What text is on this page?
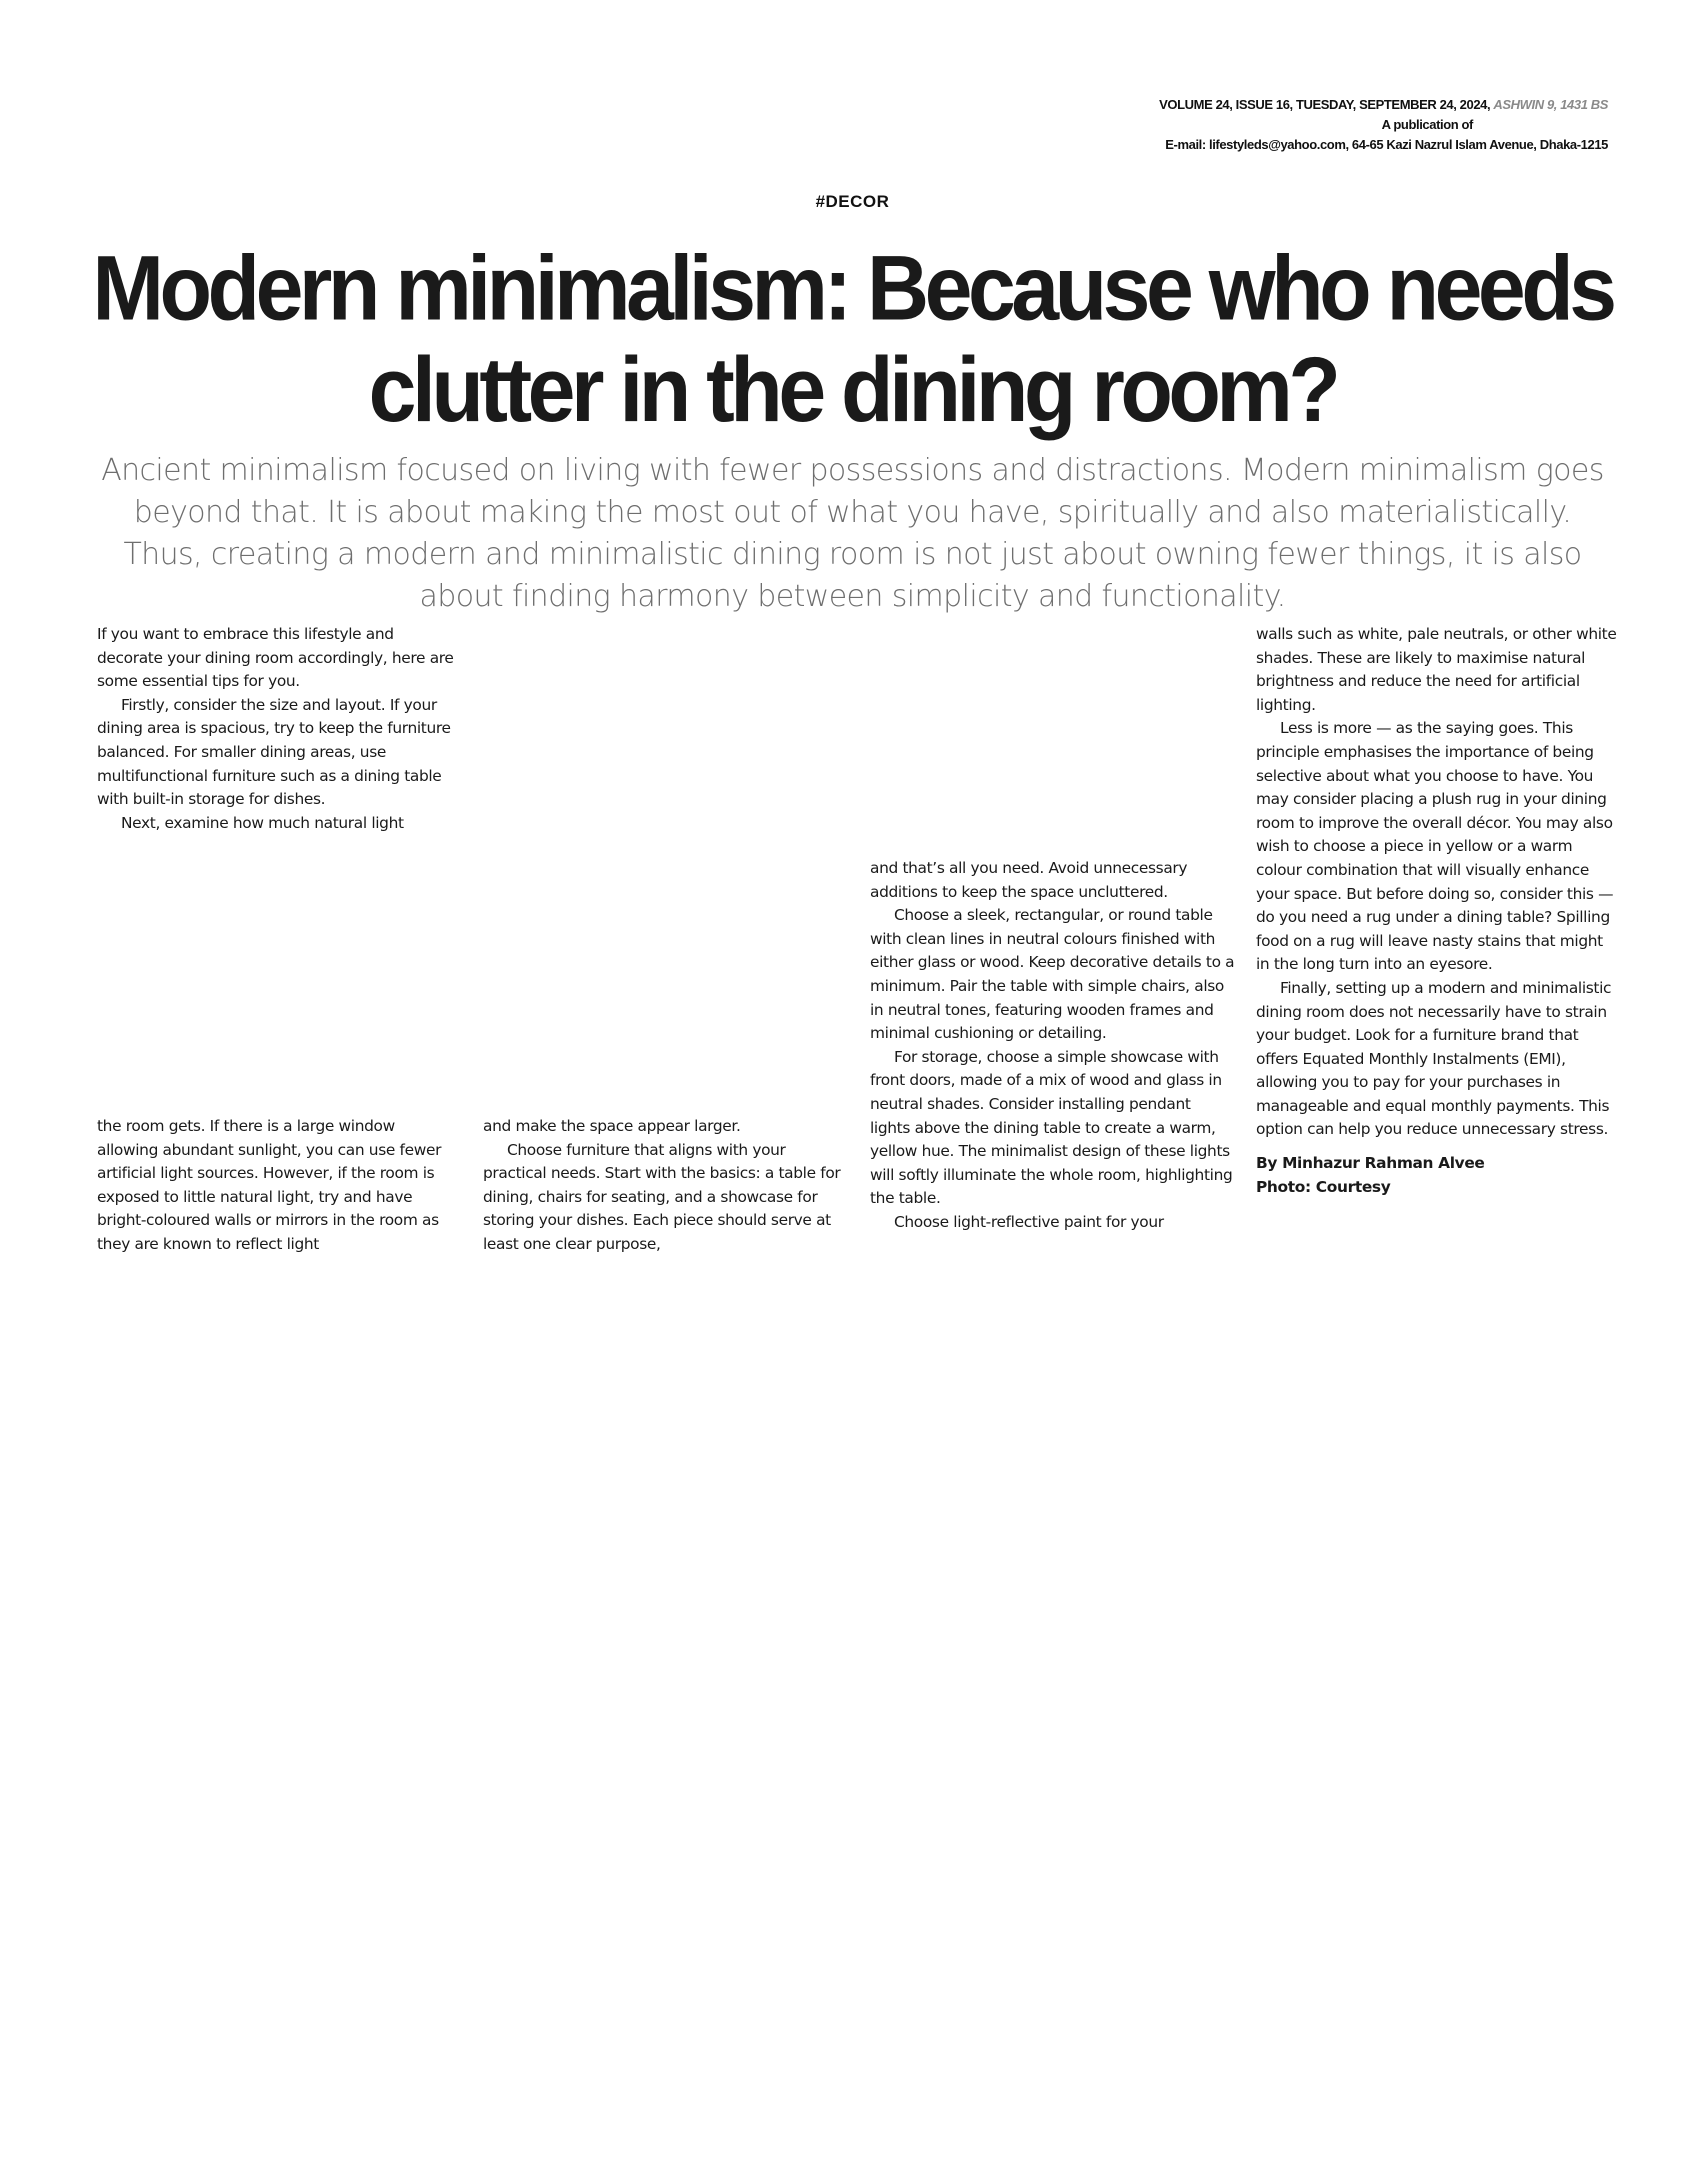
VOLUME 24, ISSUE 16, TUESDAY, SEPTEMBER 24, 2024, ASHWIN 9, 1431 BS
A publication of
E-mail: lifestyleds@yahoo.com, 64-65 Kazi Nazrul Islam Avenue, Dhaka-1215
#DECOR
Modern minimalism: Because who needs clutter in the dining room?

Ancient minimalism focused on living with fewer possessions and distractions. Modern minimalism goes beyond that. It is about making the most out of what you have, spiritually and also materialistically. Thus, creating a modern and minimalistic dining room is not just about owning fewer things, it is also about finding harmony between simplicity and functionality.

If you want to embrace this lifestyle and decorate your dining room accordingly, here are some essential tips for you.

Firstly, consider the size and layout. If your dining area is spacious, try to keep the furniture balanced. For smaller dining areas, use multifunctional furniture such as a dining table with built-in storage for dishes.

Next, examine how much natural light

the room gets. If there is a large window allowing abundant sunlight, you can use fewer artificial light sources. However, if the room is exposed to little natural light, try and have bright-coloured walls or mirrors in the room as they are known to reflect light

and make the space appear larger.

Choose furniture that aligns with your practical needs. Start with the basics: a table for dining, chairs for seating, and a showcase for storing your dishes. Each piece should serve at least one clear purpose,

and that’s all you need. Avoid unnecessary additions to keep the space uncluttered.

Choose a sleek, rectangular, or round table with clean lines in neutral colours finished with either glass or wood. Keep decorative details to a minimum. Pair the table with simple chairs, also in neutral tones, featuring wooden frames and minimal cushioning or detailing.

For storage, choose a simple showcase with front doors, made of a mix of wood and glass in neutral shades. Consider installing pendant lights above the dining table to create a warm, yellow hue. The minimalist design of these lights will softly illuminate the whole room, highlighting the table.

Choose light-reflective paint for your

walls such as white, pale neutrals, or other white shades. These are likely to maximise natural brightness and reduce the need for artificial lighting.

Less is more — as the saying goes. This principle emphasises the importance of being selective about what you choose to have. You may consider placing a plush rug in your dining room to improve the overall décor. You may also wish to choose a piece in yellow or a warm colour combination that will visually enhance your space. But before doing so, consider this — do you need a rug under a dining table? Spilling food on a rug will leave nasty stains that might in the long turn into an eyesore.

Finally, setting up a modern and minimalistic dining room does not necessarily have to strain your budget. Look for a furniture brand that offers Equated Monthly Instalments (EMI), allowing you to pay for your purchases in manageable and equal monthly payments. This option can help you reduce unnecessary stress.

By Minhazur Rahman Alvee
Photo: Courtesy
